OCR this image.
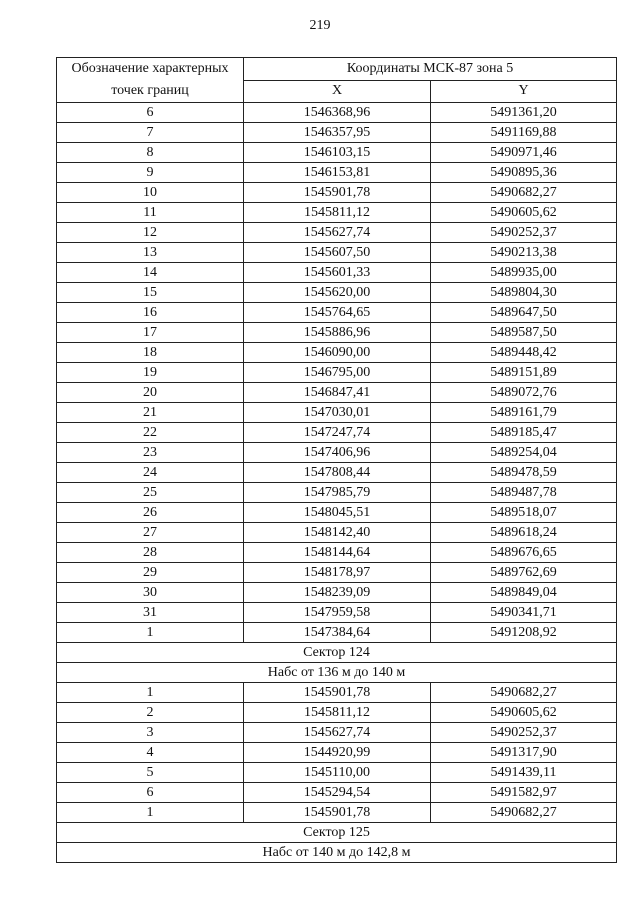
219
Обозначение характерных
точек границ	Координаты МСК-87 зона 5	
	X	Y
6	1546368,96	5491361,20
7	1546357,95	5491169,88
8	1546103,15	5490971,46
9	1546153,81	5490895,36
10	1545901,78	5490682,27
11	1545811,12	5490605,62
12	1545627,74	5490252,37
13	1545607,50	5490213,38
14	1545601,33	5489935,00
15	1545620,00	5489804,30
16	1545764,65	5489647,50
17	1545886,96	5489587,50
18	1546090,00	5489448,42
19	1546795,00	5489151,89
20	1546847,41	5489072,76
21	1547030,01	5489161,79
22	1547247,74	5489185,47
23	1547406,96	5489254,04
24	1547808,44	5489478,59
25	1547985,79	5489487,78
26	1548045,51	5489518,07
27	1548142,40	5489618,24
28	1548144,64	5489676,65
29	1548178,97	5489762,69
30	1548239,09	5489849,04
31	1547959,58	5490341,71
1	1547384,64	5491208,92
Сектор 124		
Набс от 136 м до 140 м		
1	1545901,78	5490682,27
2	1545811,12	5490605,62
3	1545627,74	5490252,37
4	1544920,99	5491317,90
5	1545110,00	5491439,11
6	1545294,54	5491582,97
1	1545901,78	5490682,27
Сектор 125		
Набс от 140 м до 142,8 м		
